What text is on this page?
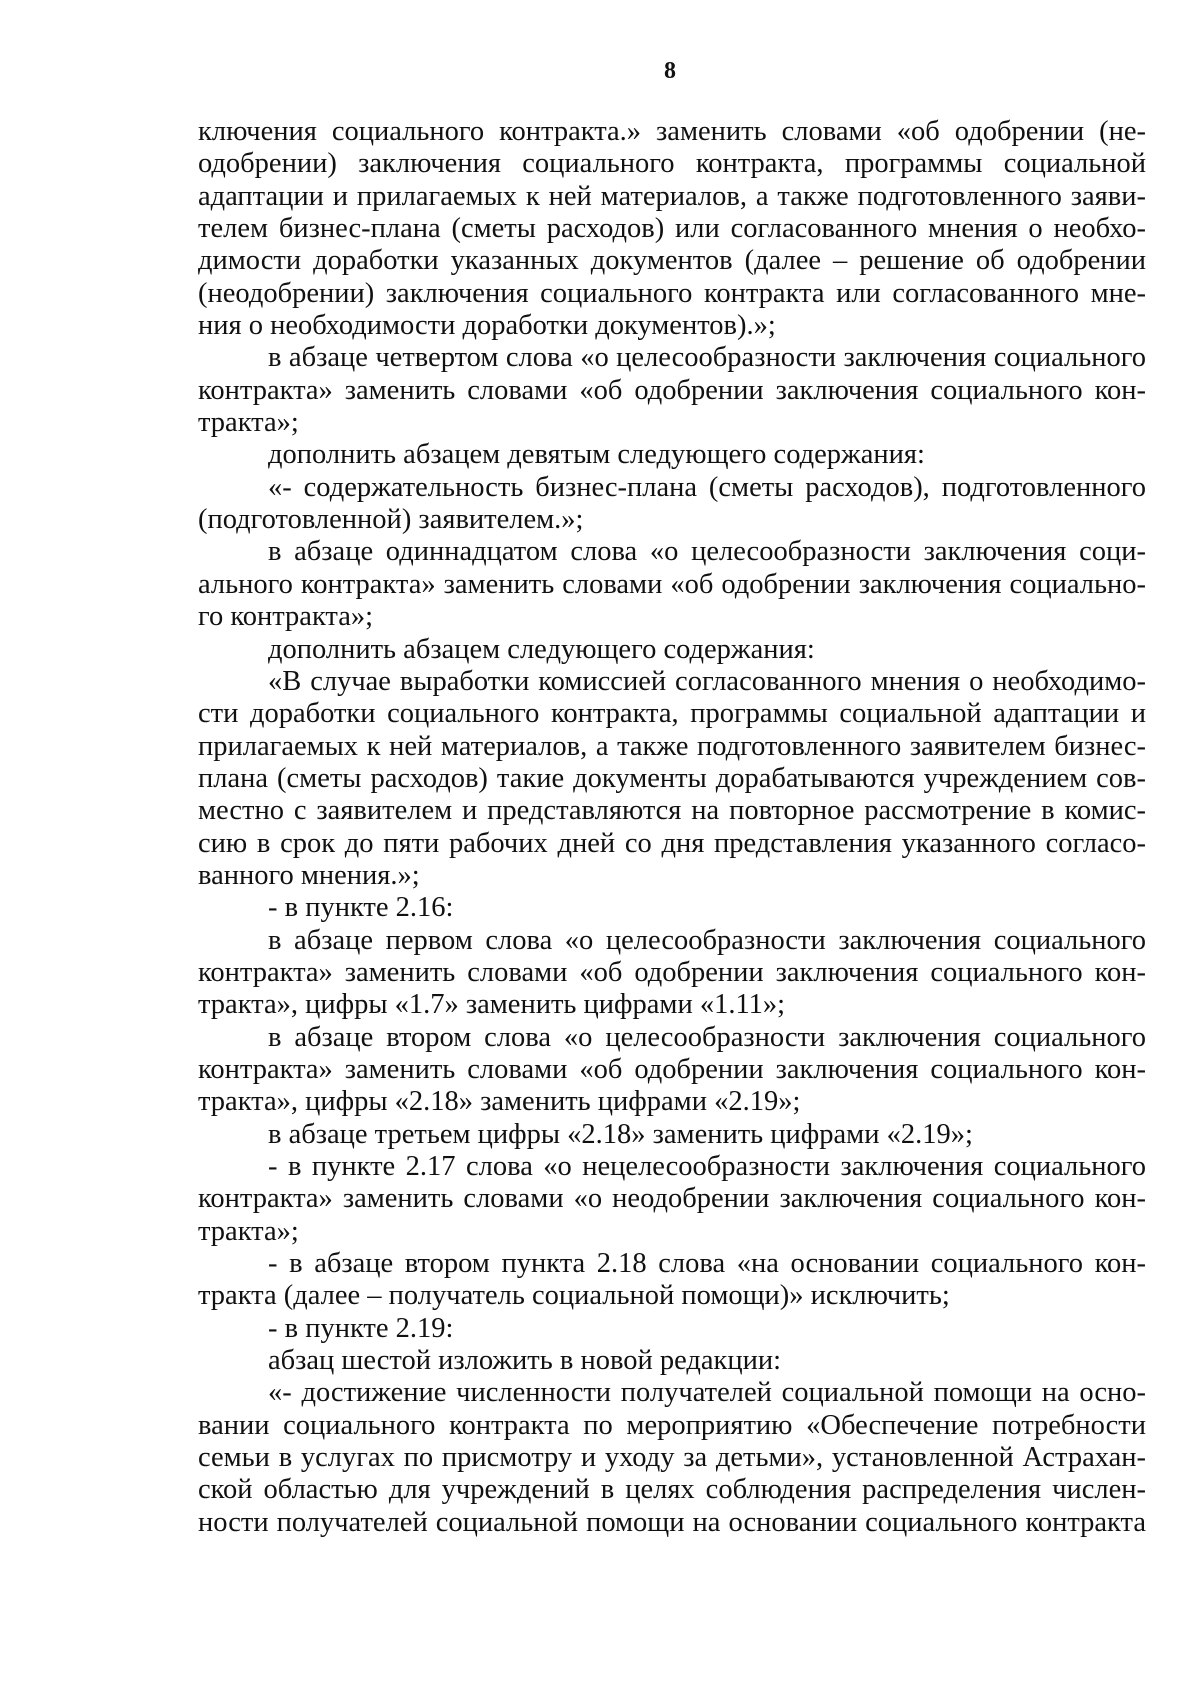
8

ключения социального контракта.» заменить словами «об одобрении (не-
одобрении) заключения социального контракта, программы социальной
адаптации и прилагаемых к ней материалов, а также подготовленного заяви-
телем бизнес-плана (сметы расходов) или согласованного мнения о необхо-
димости доработки указанных документов (далее – решение об одобрении
(неодобрении) заключения социального контракта или согласованного мне-
ния о необходимости доработки документов).»;

в абзаце четвертом слова «о целесообразности заключения социального
контракта» заменить словами «об одобрении заключения социального кон-
тракта»;

дополнить абзацем девятым следующего содержания:

«- содержательность бизнес-плана (сметы расходов), подготовленного
(подготовленной) заявителем.»;

в абзаце одиннадцатом слова «о целесообразности заключения соци-
ального контракта» заменить словами «об одобрении заключения социально-
го контракта»;

дополнить абзацем следующего содержания:

«В случае выработки комиссией согласованного мнения о необходимо-
сти доработки социального контракта, программы социальной адаптации и
прилагаемых к ней материалов, а также подготовленного заявителем бизнес-
плана (сметы расходов) такие документы дорабатываются учреждением сов-
местно с заявителем и представляются на повторное рассмотрение в комис-
сию в срок до пяти рабочих дней со дня представления указанного согласо-
ванного мнения.»;

- в пункте 2.16:

в абзаце первом слова «о целесообразности заключения социального
контракта» заменить словами «об одобрении заключения социального кон-
тракта», цифры «1.7» заменить цифрами «1.11»;

в абзаце втором слова «о целесообразности заключения социального
контракта» заменить словами «об одобрении заключения социального кон-
тракта», цифры «2.18» заменить цифрами «2.19»;

в абзаце третьем цифры «2.18» заменить цифрами «2.19»;

- в пункте 2.17 слова «о нецелесообразности заключения социального
контракта» заменить словами «о неодобрении заключения социального кон-
тракта»;

- в абзаце втором пункта 2.18 слова «на основании социального кон-
тракта (далее – получатель социальной помощи)» исключить;

- в пункте 2.19:

абзац шестой изложить в новой редакции:

«- достижение численности получателей социальной помощи на осно-
вании социального контракта по мероприятию «Обеспечение потребности
семьи в услугах по присмотру и уходу за детьми», установленной Астрахан-
ской областью для учреждений в целях соблюдения распределения числен-
ности получателей социальной помощи на основании социального контракта
